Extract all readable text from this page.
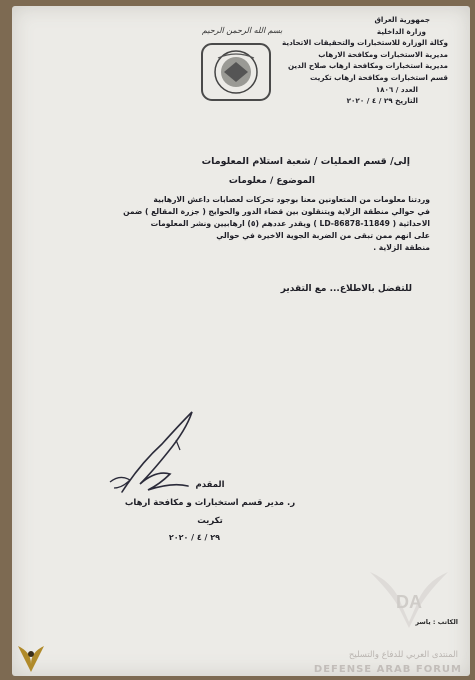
بسم الله الرحمن الرحيم
جمهورية العراق
وزارة الداخلية
وكالة الوزارة للاستخبارات والتحقيقات الاتحادية
مديرية الاستخبارات ومكافحة الارهاب
مديرية استخبارات ومكافحة ارهاب صلاح الدين
قسم استخبارات ومكافحة ارهاب تكريت
العدد / ١٨٠٦
التاريخ ٢٩ / ٤ / ٢٠٢٠
إلى/ قسم العمليات / شعبة استلام المعلومات
الموضوع / معلومات
وردتنا معلومات من المتعاونين معنا بوجود تحركات لعصابات داعش الارهابية
في حوالي منطقة الزلاية ويتنقلون بين قضاء الدور والحوايج ( جزرة المقالع ) ضمن
الاحداثية ( LD-86878-11849 ) ويقدر عددهم (٥) ارهابيين ونشر المعلومات
على انهم ممن تبقى من الضربة الجوية الاخيرة في حوالي
منطقة الزلاية .
للتفضل بالاطلاع... مع التقدير
المقدم
ر. مدير قسم استخبارات و مكافحة ارهاب
تكريت
٢٩ / ٤ / ٢٠٢٠
الكاتب : ياسر
DA
المنتدى العربي للدفاع والتسليح
DEFENSE ARAB FORUM
